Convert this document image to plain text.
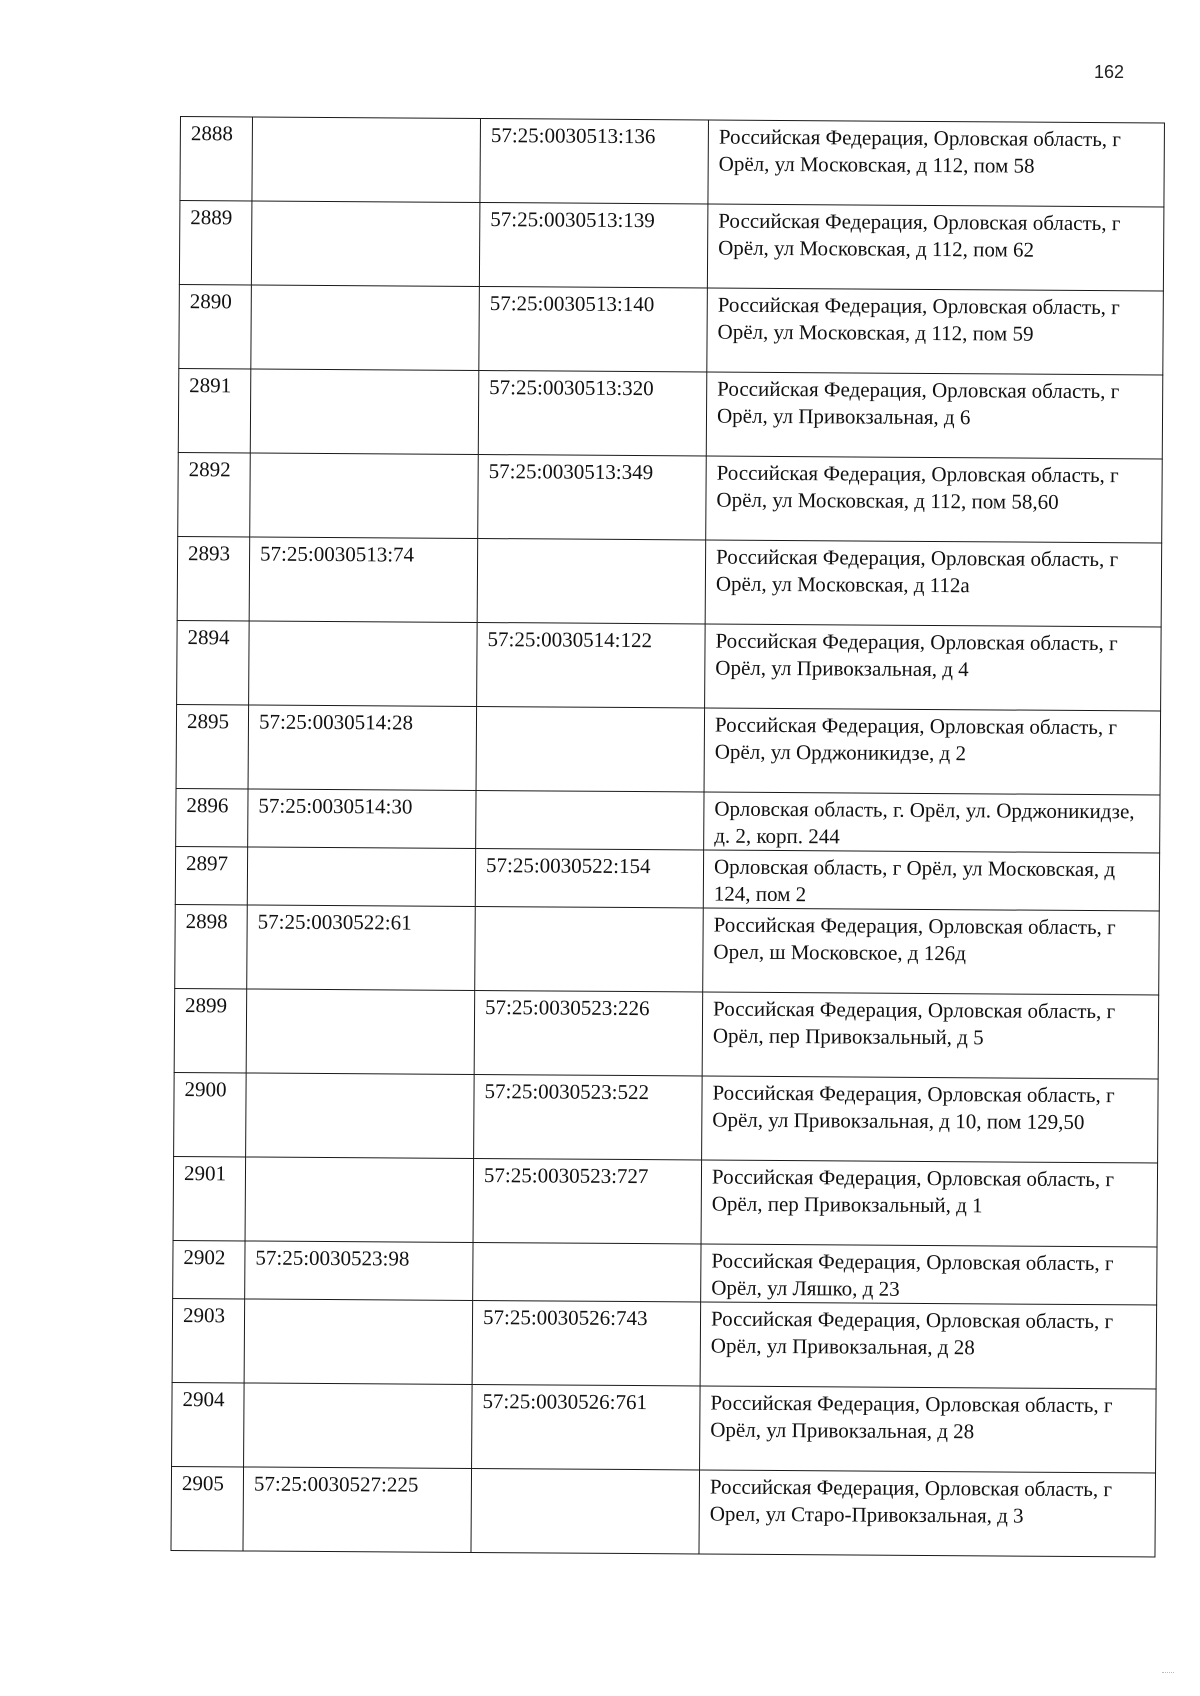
162
2888		57:25:0030513:136	Российская Федерация, Орловская область, г Орёл, ул Московская, д 112, пом 58
2889		57:25:0030513:139	Российская Федерация, Орловская область, г Орёл, ул Московская, д 112, пом 62
2890		57:25:0030513:140	Российская Федерация, Орловская область, г Орёл, ул Московская, д 112, пом 59
2891		57:25:0030513:320	Российская Федерация, Орловская область, г Орёл, ул Привокзальная, д 6
2892		57:25:0030513:349	Российская Федерация, Орловская область, г Орёл, ул Московская, д 112, пом 58,60
2893	57:25:0030513:74		Российская Федерация, Орловская область, г Орёл, ул Московская, д 112а
2894		57:25:0030514:122	Российская Федерация, Орловская область, г Орёл, ул Привокзальная, д 4
2895	57:25:0030514:28		Российская Федерация, Орловская область, г Орёл, ул Орджоникидзе, д 2
2896	57:25:0030514:30		Орловская область, г. Орёл, ул. Орджоникидзе, д. 2, корп. 244
2897		57:25:0030522:154	Орловская область, г Орёл, ул Московская, д 124, пом 2
2898	57:25:0030522:61		Российская Федерация, Орловская область, г Орел, ш Московское, д 126д
2899		57:25:0030523:226	Российская Федерация, Орловская область, г Орёл, пер Привокзальный, д 5
2900		57:25:0030523:522	Российская Федерация, Орловская область, г Орёл, ул Привокзальная, д 10, пом 129,50
2901		57:25:0030523:727	Российская Федерация, Орловская область, г Орёл, пер Привокзальный, д 1
2902	57:25:0030523:98		Российская Федерация, Орловская область, г Орёл, ул Ляшко, д 23
2903		57:25:0030526:743	Российская Федерация, Орловская область, г Орёл, ул Привокзальная, д 28
2904		57:25:0030526:761	Российская Федерация, Орловская область, г Орёл, ул Привокзальная, д 28
2905	57:25:0030527:225		Российская Федерация, Орловская область, г Орел, ул Старо-Привокзальная, д 3
